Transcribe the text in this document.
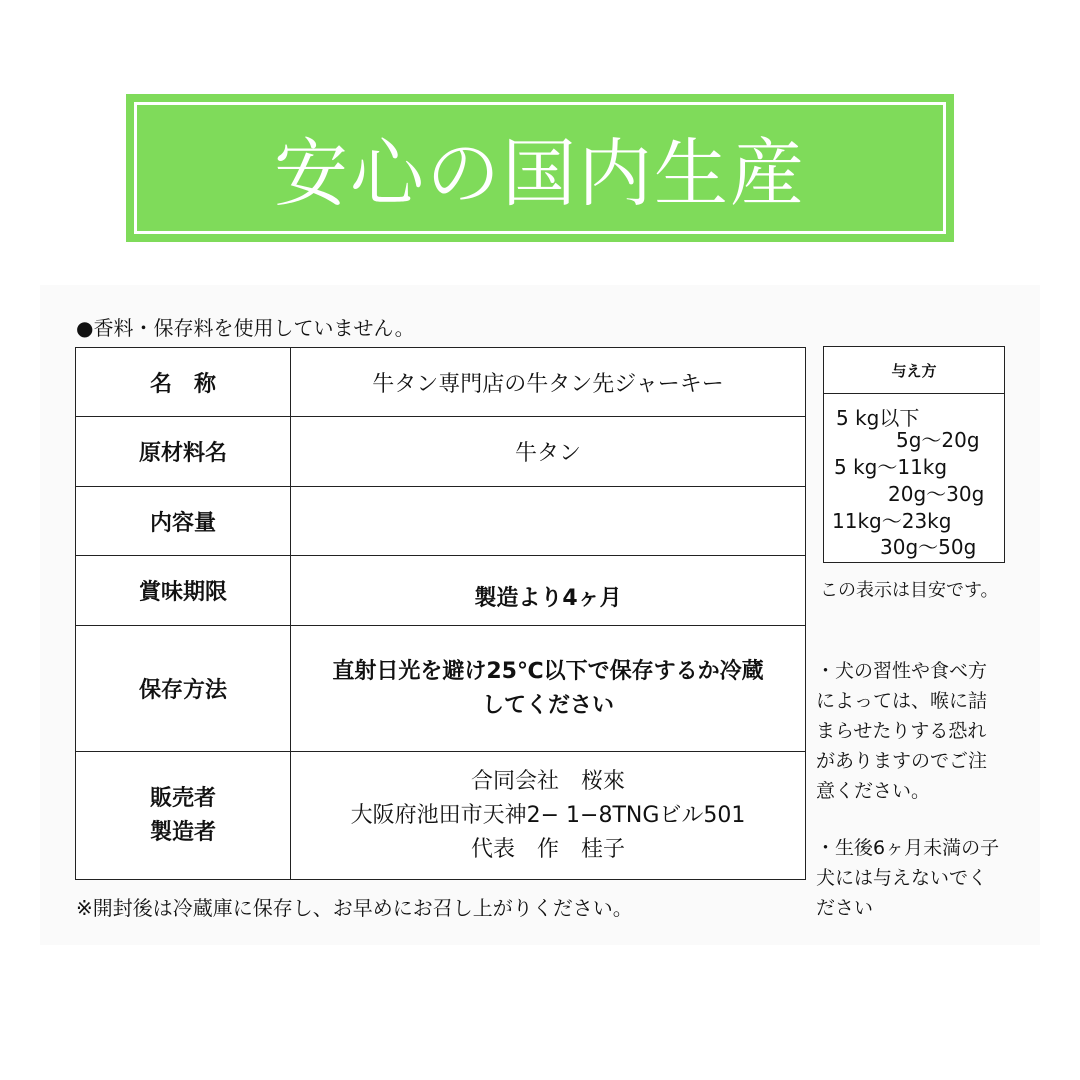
安心の国内生産
●香料・保存料を使用していません。
名　称	牛タン専門店の牛タン先ジャーキー
原材料名	牛タン
内容量	
賞味期限	製造より4ヶ月
保存方法	直射日光を避け25℃以下で保存するか冷蔵
してください

販売者
製造者	合同会社　桜來
大阪府池田市天神2− 1−8TNGビル501
代表　作　桂子
※開封後は冷蔵庫に保存し、お早めにお召し上がりください。
与え方
5 kg以下
5g〜20g
5 kg〜11kg
20g〜30g
11kg〜23kg
30g〜50g
この表示は目安です。
・犬の習性や食べ方
によっては、喉に詰
まらせたりする恐れ
がありますのでご注
意ください。
・生後6ヶ月未満の子
犬には与えないでく
ださい
